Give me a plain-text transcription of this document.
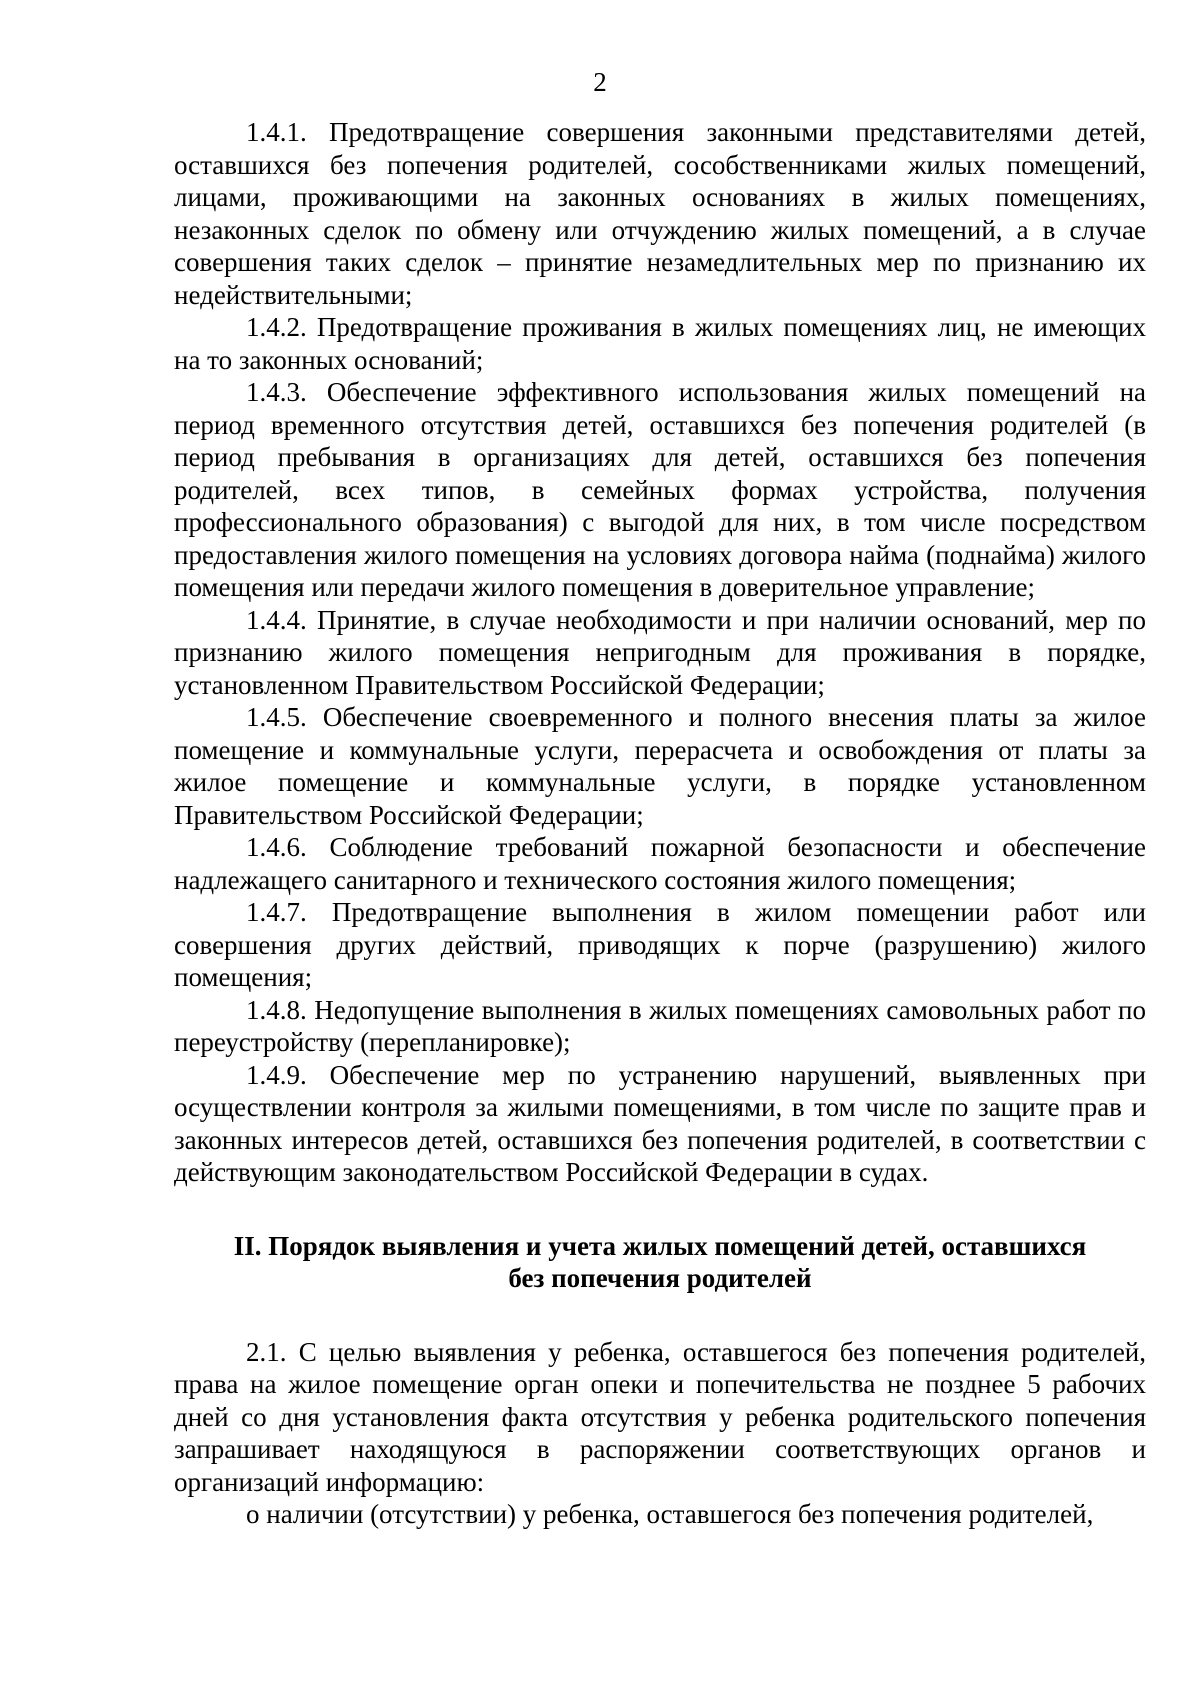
2

1.4.1. Предотвращение совершения законными представителями детей, оставшихся без попечения родителей, сособственниками жилых помещений, лицами, проживающими на законных основаниях в жилых помещениях, незаконных сделок по обмену или отчуждению жилых помещений, а в случае совершения таких сделок – принятие незамедлительных мер по признанию их недействительными;

1.4.2. Предотвращение проживания в жилых помещениях лиц, не имеющих на то законных оснований;

1.4.3. Обеспечение эффективного использования жилых помещений на период временного отсутствия детей, оставшихся без попечения родителей (в период пребывания в организациях для детей, оставшихся без попечения родителей, всех типов, в семейных формах устройства, получения профессионального образования) с выгодой для них, в том числе посредством предоставления жилого помещения на условиях договора найма (поднайма) жилого помещения или передачи жилого помещения в доверительное управление;

1.4.4. Принятие, в случае необходимости и при наличии оснований, мер по признанию жилого помещения непригодным для проживания в порядке, установленном Правительством Российской Федерации;

1.4.5. Обеспечение своевременного и полного внесения платы за жилое помещение и коммунальные услуги, перерасчета и освобождения от платы за жилое помещение и коммунальные услуги, в порядке установленном Правительством Российской Федерации;

1.4.6. Соблюдение требований пожарной безопасности и обеспечение надлежащего санитарного и технического состояния жилого помещения;

1.4.7. Предотвращение выполнения в жилом помещении работ или совершения других действий, приводящих к порче (разрушению) жилого помещения;

1.4.8. Недопущение выполнения в жилых помещениях самовольных работ по переустройству (перепланировке);

1.4.9. Обеспечение мер по устранению нарушений, выявленных при осуществлении контроля за жилыми помещениями, в том числе по защите прав и законных интересов детей, оставшихся без попечения родителей, в соответствии с действующим законодательством Российской Федерации в судах.

II. Порядок выявления и учета жилых помещений детей, оставшихся
без попечения родителей

2.1. С целью выявления у ребенка, оставшегося без попечения родителей, права на жилое помещение орган опеки и попечительства не позднее 5 рабочих дней со дня установления факта отсутствия у ребенка родительского попечения запрашивает находящуюся в распоряжении соответствующих органов и организаций информацию:

о наличии (отсутствии) у ребенка, оставшегося без попечения родителей,
